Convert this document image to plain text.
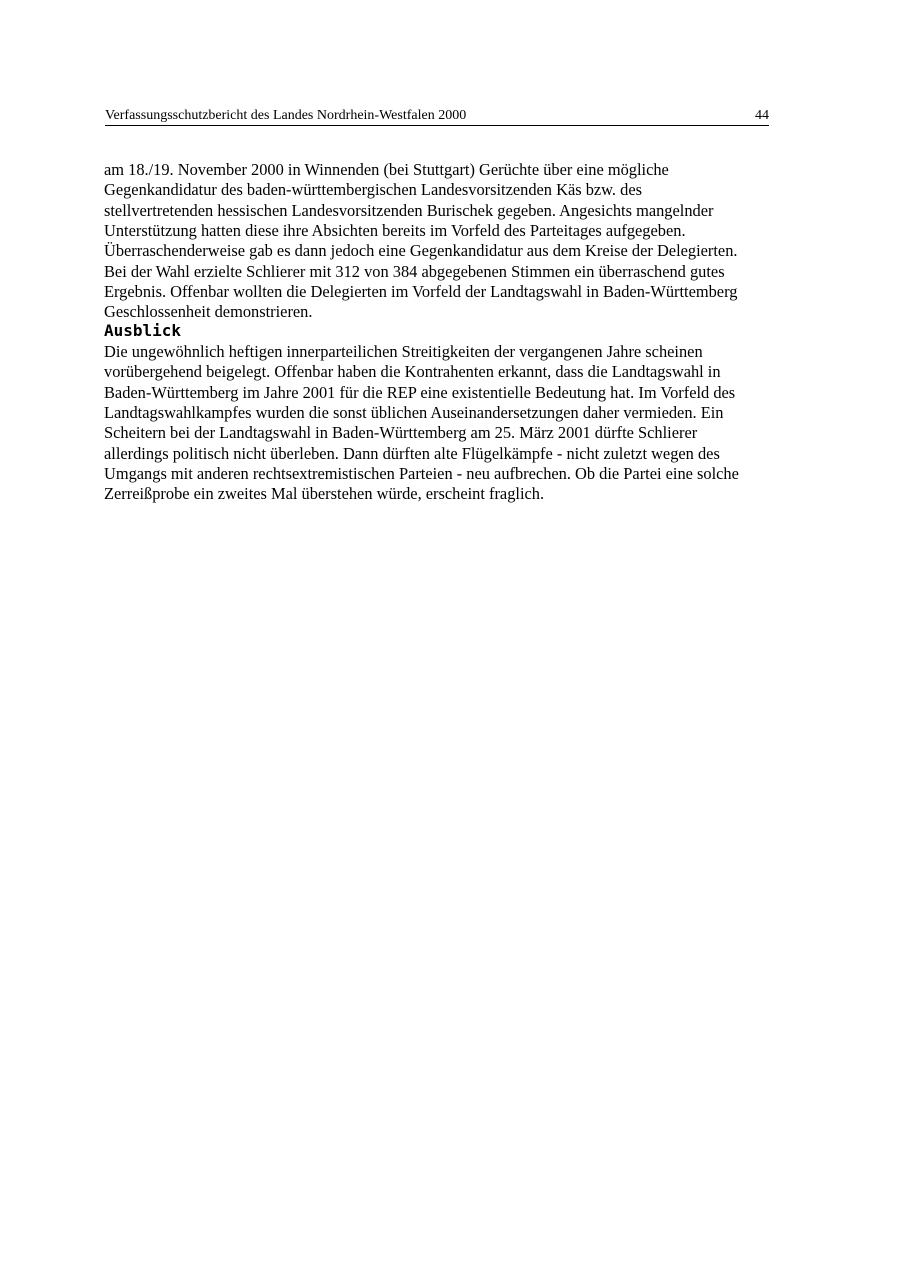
Verfassungsschutzbericht des Landes Nordrhein-Westfalen 2000	44

am 18./19. November 2000 in Winnenden (bei Stuttgart) Gerüchte über eine mögliche
Gegenkandidatur des baden-württembergischen Landesvorsitzenden Käs bzw. des
stellvertretenden hessischen Landesvorsitzenden Burischek gegeben. Angesichts mangelnder
Unterstützung hatten diese ihre Absichten bereits im Vorfeld des Parteitages aufgegeben.
Überraschenderweise gab es dann jedoch eine Gegenkandidatur aus dem Kreise der Delegierten.
Bei der Wahl erzielte Schlierer mit 312 von 384 abgegebenen Stimmen ein überraschend gutes
Ergebnis. Offenbar wollten die Delegierten im Vorfeld der Landtagswahl in Baden-Württemberg
Geschlossenheit demonstrieren.

Ausblick

Die ungewöhnlich heftigen innerparteilichen Streitigkeiten der vergangenen Jahre scheinen
vorübergehend beigelegt. Offenbar haben die Kontrahenten erkannt, dass die Landtagswahl in
Baden-Württemberg im Jahre 2001 für die REP eine existentielle Bedeutung hat. Im Vorfeld des
Landtagswahlkampfes wurden die sonst üblichen Auseinandersetzungen daher vermieden. Ein
Scheitern bei der Landtagswahl in Baden-Württemberg am 25. März 2001 dürfte Schlierer
allerdings politisch nicht überleben. Dann dürften alte Flügelkämpfe - nicht zuletzt wegen des
Umgangs mit anderen rechtsextremistischen Parteien - neu aufbrechen. Ob die Partei eine solche
Zerreißprobe ein zweites Mal überstehen würde, erscheint fraglich.
